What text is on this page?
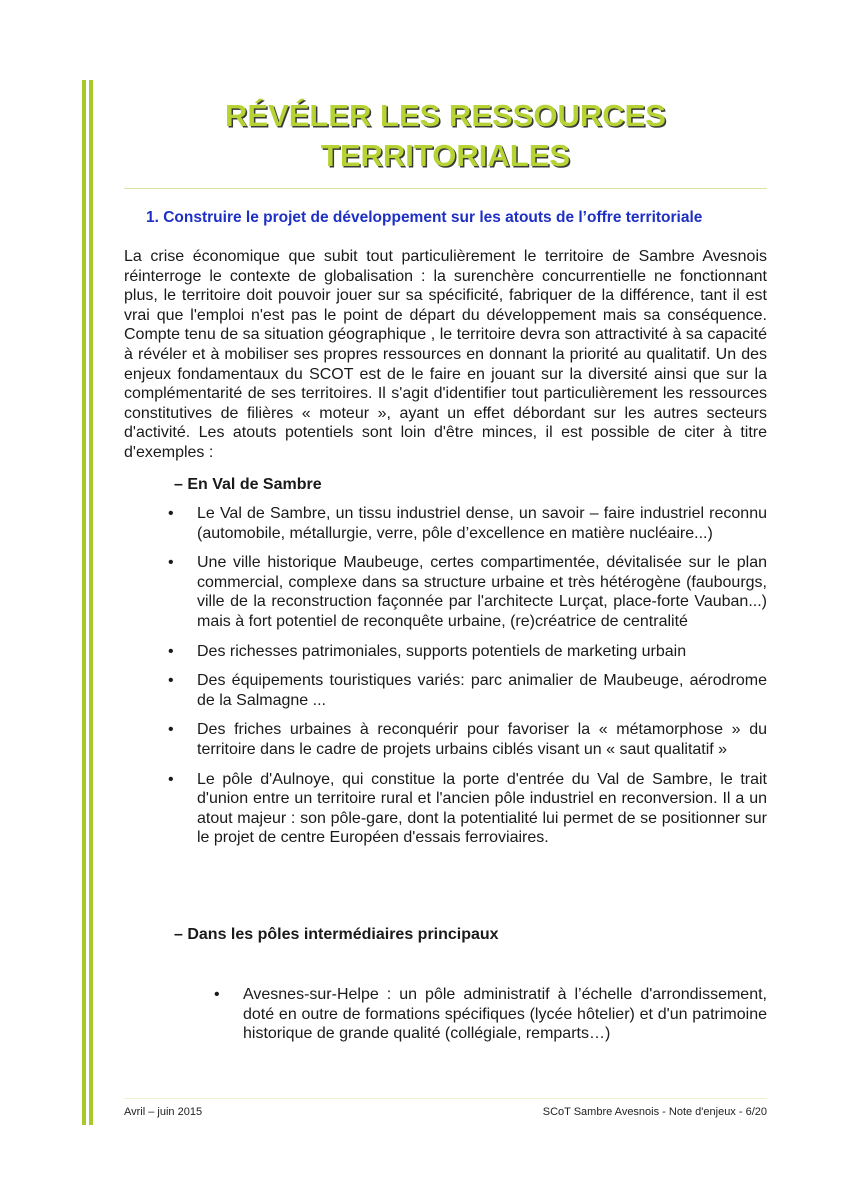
RÉVÉLER LES RESSOURCES
TERRITORIALES

1. Construire le projet de développement sur les atouts de l’offre territoriale

La crise économique que subit tout particulièrement le territoire de Sambre Avesnois réinterroge le contexte de globalisation : la surenchère concurrentielle ne fonctionnant plus, le territoire doit pouvoir jouer sur sa spécificité, fabriquer de la différence, tant il est vrai que l'emploi n'est pas le point de départ du développement mais sa conséquence. Compte tenu de sa situation géographique , le territoire devra son attractivité à sa capacité à révéler et à mobiliser ses propres ressources en donnant la priorité au qualitatif. Un des enjeux fondamentaux du SCOT est de le faire en jouant sur la diversité ainsi que sur la complémentarité de ses territoires. Il s'agit d'identifier tout particulièrement les ressources constitutives de filières « moteur », ayant un effet débordant sur les autres secteurs d'activité. Les atouts potentiels sont loin d'être minces, il est possible de citer à titre d'exemples :

– En Val de Sambre

• Le Val de Sambre, un tissu industriel dense, un savoir – faire industriel reconnu (automobile, métallurgie, verre, pôle d’excellence en matière nucléaire...)
• Une ville historique Maubeuge, certes compartimentée, dévitalisée sur le plan commercial, complexe dans sa structure urbaine et très hétérogène (faubourgs, ville de la reconstruction façonnée par l'architecte Lurçat, place-forte Vauban...) mais à fort potentiel de reconquête urbaine, (re)créatrice de centralité
• Des richesses patrimoniales, supports potentiels de marketing urbain
• Des équipements touristiques variés: parc animalier de Maubeuge, aérodrome de la Salmagne ...
• Des friches urbaines à reconquérir pour favoriser la « métamorphose » du territoire dans le cadre de projets urbains ciblés visant un « saut qualitatif »
• Le pôle d'Aulnoye, qui constitue la porte d'entrée du Val de Sambre, le trait d'union entre un territoire rural et l'ancien pôle industriel en reconversion. Il a un atout majeur : son pôle-gare, dont la potentialité lui permet de se positionner sur le projet de centre Européen d'essais ferroviaires.

– Dans les pôles intermédiaires principaux

• Avesnes-sur-Helpe : un pôle administratif à l’échelle d'arrondissement, doté en outre de formations spécifiques (lycée hôtelier) et d'un patrimoine historique de grande qualité (collégiale, remparts…)
Avril – juin 2015	SCoT Sambre Avesnois - Note d'enjeux - 6/20
